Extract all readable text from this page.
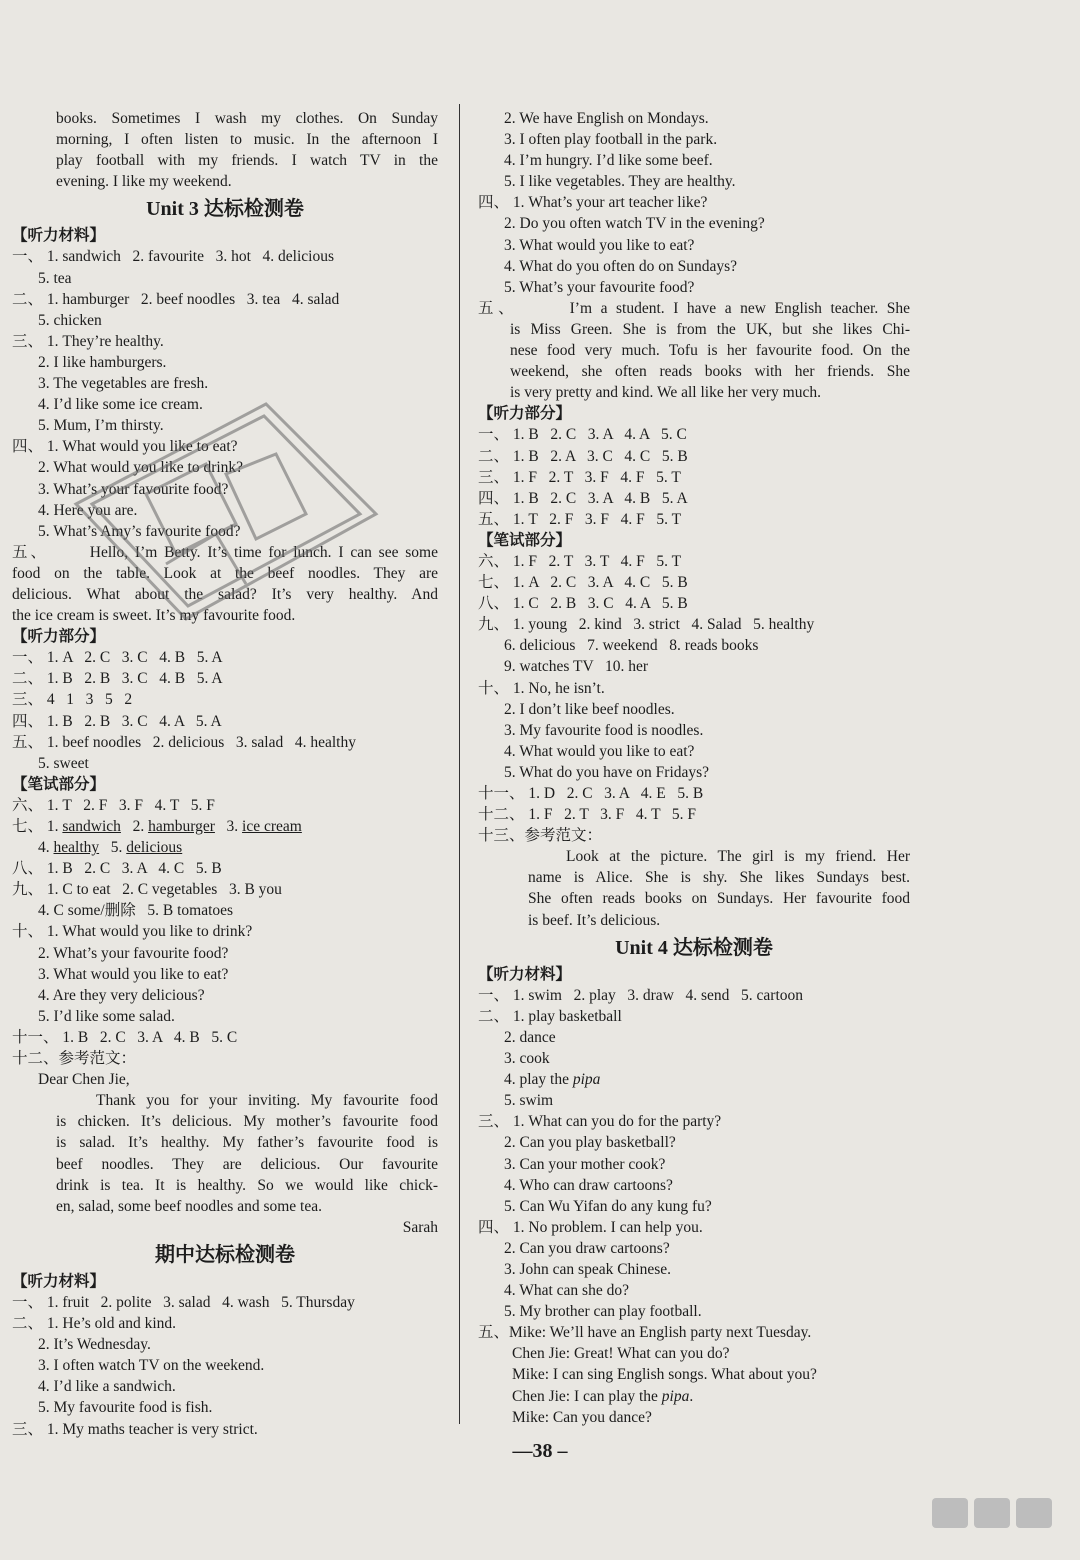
books. Sometimes I wash my clothes. On Sunday
morning, I often listen to music. In the afternoon I
play football with my friends. I watch TV in the
evening. I like my weekend.
Unit 3 达标检测卷
【听力材料】
一、 1. sandwich   2. favourite   3. hot   4. delicious
5. tea
二、 1. hamburger   2. beef noodles   3. tea   4. salad
5. chicken
三、 1. They’re healthy.
2. I like hamburgers.
3. The vegetables are fresh.
4. I’d like some ice cream.
5. Mum, I’m thirsty.
四、 1. What would you like to eat?
2. What would you like to drink?
3. What’s your favourite food?
4. Here you are.
5. What’s Amy’s favourite food?
五、      Hello, I’m Betty. It’s time for lunch. I can see some
food on the table. Look at the beef noodles. They are
delicious. What about the salad? It’s very healthy. And
the ice cream is sweet. It’s my favourite food.
【听力部分】
一、 1. A   2. C   3. C   4. B   5. A
二、 1. B   2. B   3. C   4. B   5. A
三、 4   1   3   5   2
四、 1. B   2. B   3. C   4. A   5. A
五、 1. beef noodles   2. delicious   3. salad   4. healthy
5. sweet
【笔试部分】
六、 1. T   2. F   3. F   4. T   5. F
七、 1. sandwich   2. hamburger   3. ice cream
4. healthy   5. delicious
八、 1. B   2. C   3. A   4. C   5. B
九、 1. C to eat   2. C vegetables   3. B you
4. C some/删除   5. B tomatoes
十、 1. What would you like to drink?
2. What’s your favourite food?
3. What would you like to eat?
4. Are they very delicious?
5. I’d like some salad.
十一、 1. B   2. C   3. A   4. B   5. C
十二、参考范文：
Dear Chen Jie,
Thank you for your inviting. My favourite food
is chicken. It’s delicious. My mother’s favourite food
is salad. It’s healthy. My father’s favourite food is
beef noodles. They are delicious. Our favourite
drink is tea. It is healthy. So we would like chick-
en, salad, some beef noodles and some tea.
Sarah
期中达标检测卷
【听力材料】
一、 1. fruit   2. polite   3. salad   4. wash   5. Thursday
二、 1. He’s old and kind.
2. It’s Wednesday.
3. I often watch TV on the weekend.
4. I’d like a sandwich.
5. My favourite food is fish.
三、 1. My maths teacher is very strict.
2. We have English on Mondays.
3. I often play football in the park.
4. I’m hungry. I’d like some beef.
5. I like vegetables. They are healthy.
四、 1. What’s your art teacher like?
2. Do you often watch TV in the evening?
3. What would you like to eat?
4. What do you often do on Sundays?
5. What’s your favourite food?
五、      I’m a student. I have a new English teacher. She
is Miss Green. She is from the UK, but she likes Chi-
nese food very much. Tofu is her favourite food. On the
weekend, she often reads books with her friends. She
is very pretty and kind. We all like her very much.
【听力部分】
一、 1. B   2. C   3. A   4. A   5. C
二、 1. B   2. A   3. C   4. C   5. B
三、 1. F   2. T   3. F   4. F   5. T
四、 1. B   2. C   3. A   4. B   5. A
五、 1. T   2. F   3. F   4. F   5. T
【笔试部分】
六、 1. F   2. T   3. T   4. F   5. T
七、 1. A   2. C   3. A   4. C   5. B
八、 1. C   2. B   3. C   4. A   5. B
九、 1. young   2. kind   3. strict   4. Salad   5. healthy
6. delicious   7. weekend   8. reads books
9. watches TV   10. her
十、 1. No, he isn’t.
2. I don’t like beef noodles.
3. My favourite food is noodles.
4. What would you like to eat?
5. What do you have on Fridays?
十一、 1. D   2. C   3. A   4. E   5. B
十二、 1. F   2. T   3. F   4. T   5. F
十三、参考范文：
Look at the picture. The girl is my friend. Her
name is Alice. She is shy. She likes Sundays best.
She often reads books on Sundays. Her favourite food
is beef. It’s delicious.
Unit 4 达标检测卷
【听力材料】
一、 1. swim   2. play   3. draw   4. send   5. cartoon
二、 1. play basketball
2. dance
3. cook
4. play the pipa
5. swim
三、 1. What can you do for the party?
2. Can you play basketball?
3. Can your mother cook?
4. Who can draw cartoons?
5. Can Wu Yifan do any kung fu?
四、 1. No problem. I can help you.
2. Can you draw cartoons?
3. John can speak Chinese.
4. What can she do?
5. My brother can play football.
五、Mike: We’ll have an English party next Tuesday.
Chen Jie: Great! What can you do?
Mike: I can sing English songs. What about you?
Chen Jie: I can play the pipa.
Mike: Can you dance?
—38 –
